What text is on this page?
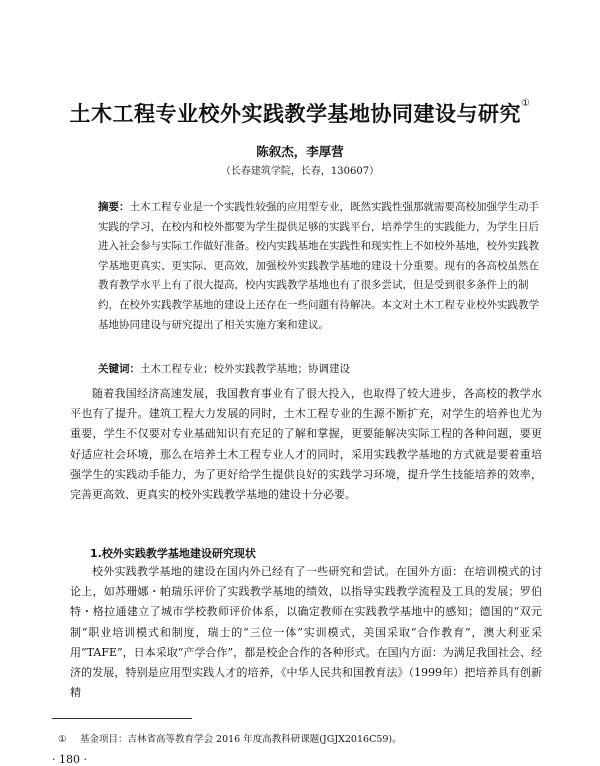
土木工程专业校外实践教学基地协同建设与研究①
陈叙杰，李厚营
（长春建筑学院，长春，130607）
摘要：土木工程专业是一个实践性较强的应用型专业，既然实践性强那就需要高校加强学生动手实践的学习，在校内和校外都要为学生提供足够的实践平台，培养学生的实践能力，为学生日后进入社会参与实际工作做好准备。校内实践基地在实践性和现实性上不如校外基地，校外实践教学基地更真实、更实际、更高效，加强校外实践教学基地的建设十分重要。现有的各高校虽然在教育教学水平上有了很大提高，校内实践教学基地也有了很多尝试，但是受到很多条件上的制约，在校外实践教学基地的建设上还存在一些问题有待解决。本文对土木工程专业校外实践教学基地协同建设与研究提出了相关实施方案和建议。
关键词：土木工程专业；校外实践教学基地；协调建设
随着我国经济高速发展，我国教育事业有了很大投入，也取得了较大进步，各高校的教学水平也有了提升。建筑工程大力发展的同时，土木工程专业的生源不断扩充，对学生的培养也尤为重要，学生不仅要对专业基础知识有充足的了解和掌握，更要能解决实际工程的各种问题，要更好适应社会环境，那么在培养土木工程专业人才的同时，采用实践教学基地的方式就是要着重培强学生的实践动手能力，为了更好给学生提供良好的实践学习环境，提升学生技能培养的效率，完善更高效、更真实的校外实践教学基地的建设十分必要。
1.校外实践教学基地建设研究现状
校外实践教学基地的建设在国内外已经有了一些研究和尝试。在国外方面：在培训模式的讨论上，如苏珊娜・帕瑞乐评价了实践教学基地的绩效，以指导实践教学流程及工具的发展；罗伯特・格拉通建立了城市学校教师评价体系，以确定教师在实践教学基地中的感知；德国的“双元制”职业培训模式和制度，瑞士的“三位一体”实训模式，美国采取“合作教育”，澳大利亚采用“TAFE”，日本采取“产学合作”，都是校企合作的各种形式。在国内方面：为满足我国社会、经济的发展，特别是应用型实践人才的培养，《中华人民共和国教育法》（1999年）把培养具有创新精
① 基金项目：吉林省高等教育学会 2016 年度高教科研课题(JGJX2016C59)。
· 180 ·
